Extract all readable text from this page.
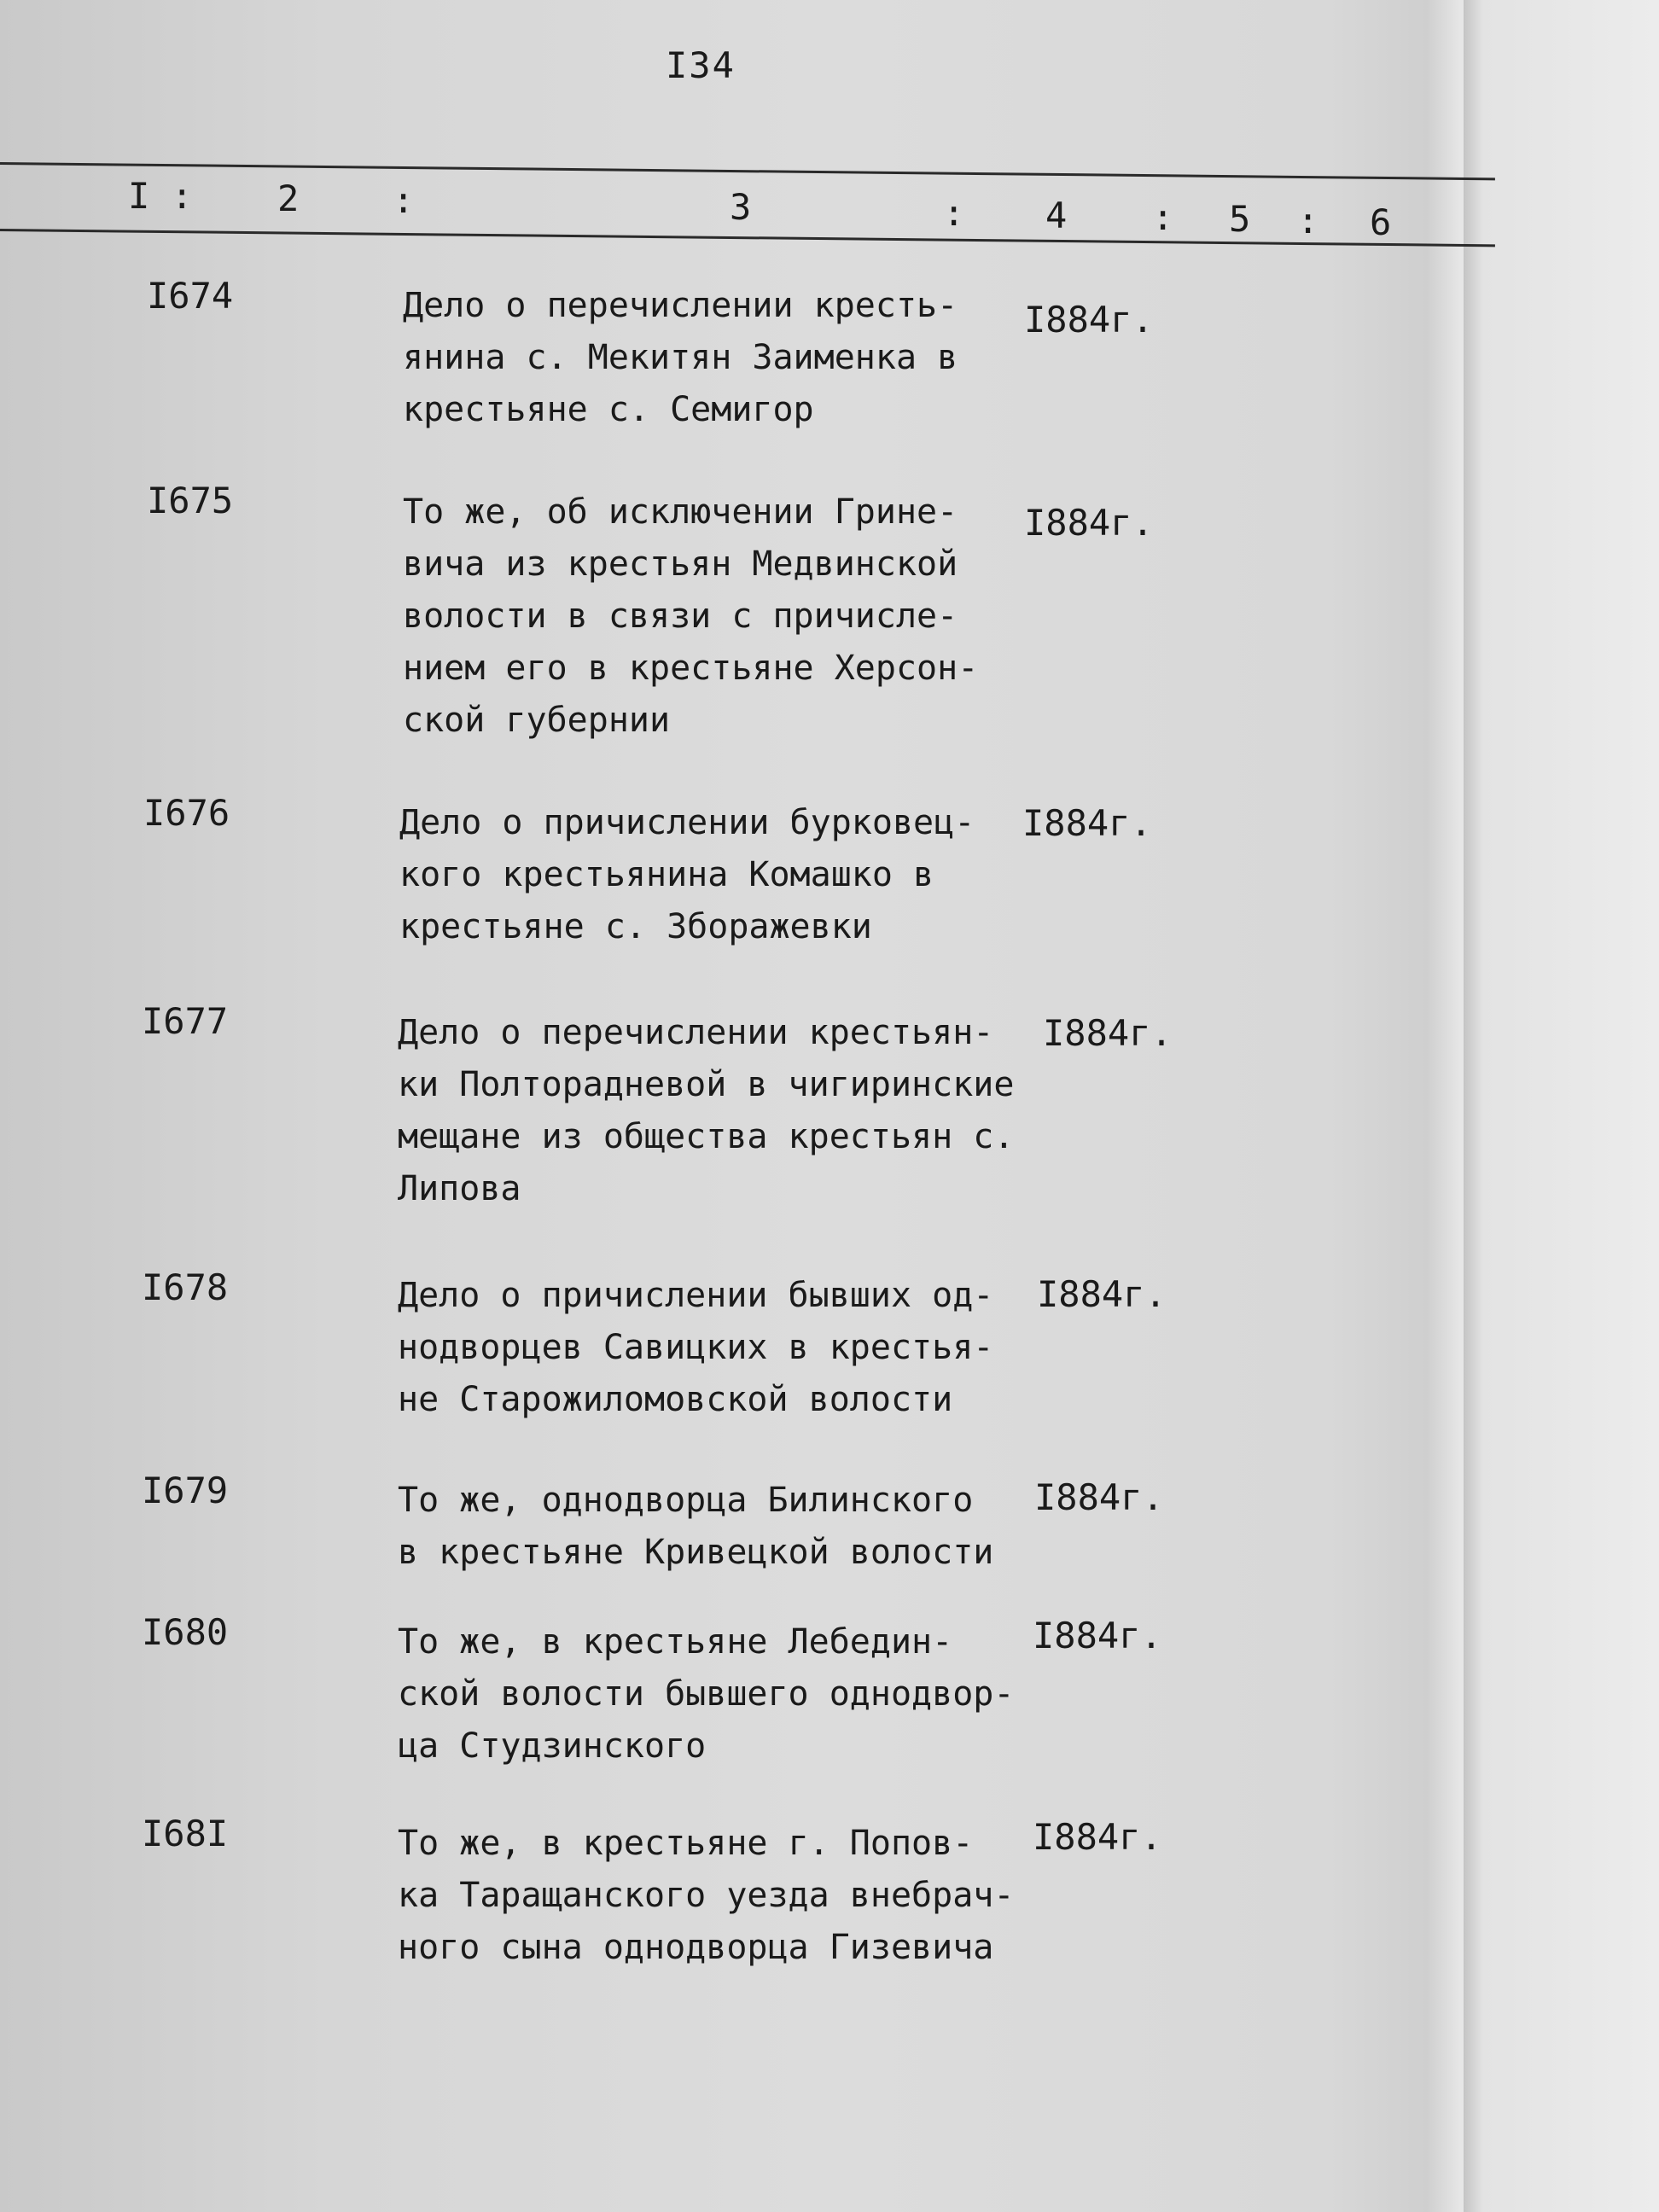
I34
I : 2	:	3	: 4 : 5 : 6
I674	Дело о перечислении кресть-
янина с. Мекитян Заименка в
крестьяне с. Семигор
I884г.
I675	То же, об исключении Грине-
вича из крестьян Медвинской
волости в связи с причисле-
нием его в крестьяне Херсон-
ской губернии
I884г.
I676	Дело о причислении бурковец-
кого крестьянина Комашко в
крестьяне с. Збоpажевки
I884г.
I677	Дело о перечислении крестьян-
ки Полторадневой в чигиринские
мещане из общества крестьян с.
Липова
I884г.
I678	Дело о причислении бывших од-
нодворцев Савицких в крестья-
не Старожиломовской волости
I884г.
I679	То же, однодворца Билинского
в крестьяне Кривецкой волости
I884г.
I680	То же, в крестьяне Лебедин-
ской волости бывшего однодвор-
ца Студзинского
I884г.
I68I	То же, в крестьяне г. Попов-
ка Таращанского уезда внебрач-
ного сына однодворца Гизевича
I884г.
